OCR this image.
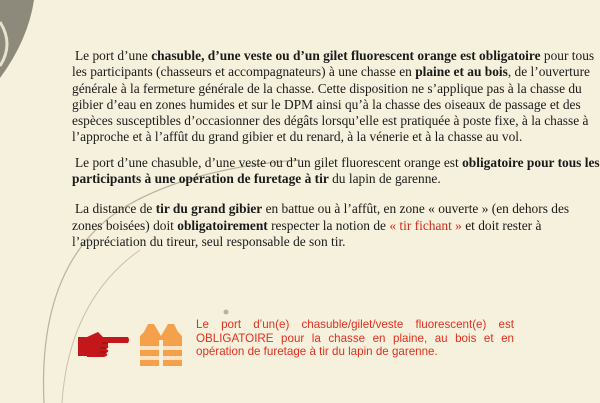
Le port d’une chasuble, d’une veste ou d’un gilet fluorescent orange est obligatoire pour tous les participants (chasseurs et accompagnateurs) à une chasse en plaine et au bois, de l’ouverture générale à la fermeture générale de la chasse. Cette disposition ne s’applique pas à la chasse du gibier d’eau en zones humides et sur le DPM ainsi qu’à la chasse des oiseaux de passage et des espèces susceptibles d’occasionner des dégâts lorsqu’elle est pratiquée à poste fixe, à la chasse à l’approche et à l’affût du grand gibier et du renard, à la vénerie et à la chasse au vol.

Le port d’une chasuble, d’une veste ou d’un gilet fluorescent orange est obligatoire pour tous les participants à une opération de furetage à tir du lapin de garenne.

La distance de tir du grand gibier en battue ou à l’affût, en zone « ouverte » (en dehors des zones boisées) doit obligatoirement respecter la notion de « tir fichant » et doit rester à l’appréciation du tireur, seul responsable de son tir.

Le port d’un(e) chasuble/gilet/veste fluorescent(e) est OBLIGATOIRE pour la chasse en plaine, au bois et en opération de furetage à tir du lapin de garenne.
